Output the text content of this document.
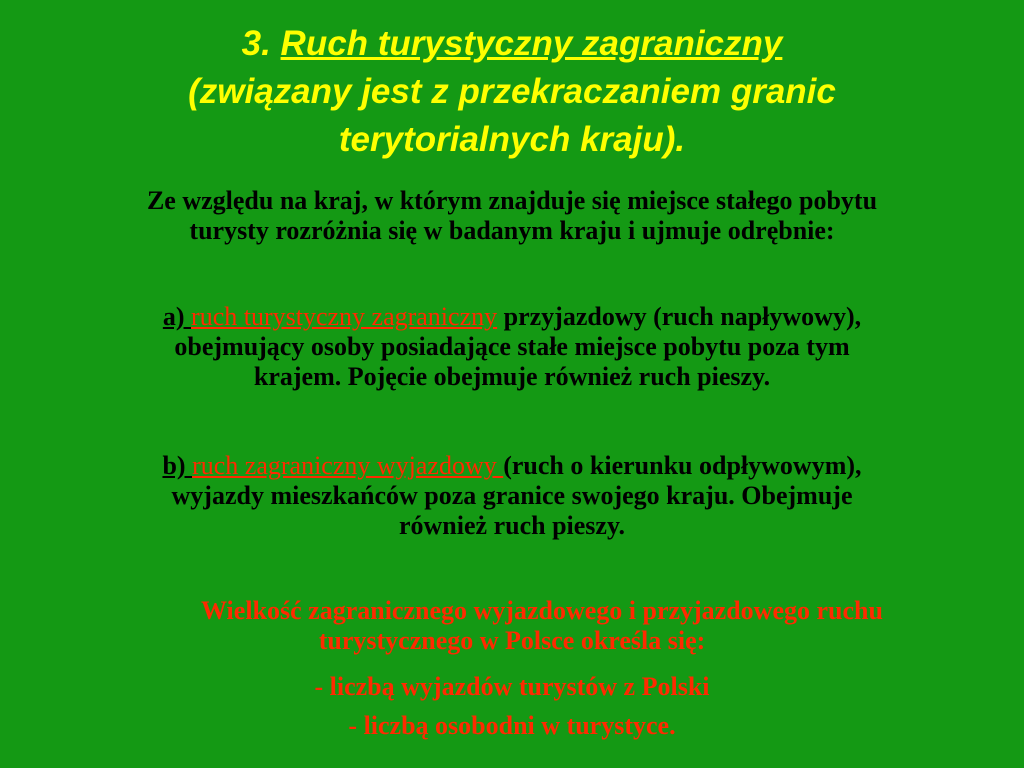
3. Ruch turystyczny zagraniczny
(związany jest z przekraczaniem granic
terytorialnych kraju).
Ze względu na kraj, w którym znajduje się miejsce stałego pobytu
turysty rozróżnia się w badanym kraju i ujmuje odrębnie:
a) ruch turystyczny zagraniczny przyjazdowy (ruch napływowy),
obejmujący osoby posiadające stałe miejsce pobytu poza tym
krajem. Pojęcie obejmuje również ruch pieszy.
b) ruch zagraniczny wyjazdowy (ruch o kierunku odpływowym),
wyjazdy mieszkańców poza granice swojego kraju. Obejmuje
również ruch pieszy.
Wielkość zagranicznego wyjazdowego i przyjazdowego ruchu
turystycznego w Polsce określa się:
- liczbą wyjazdów turystów z Polski
- liczbą osobodni w turystyce.
